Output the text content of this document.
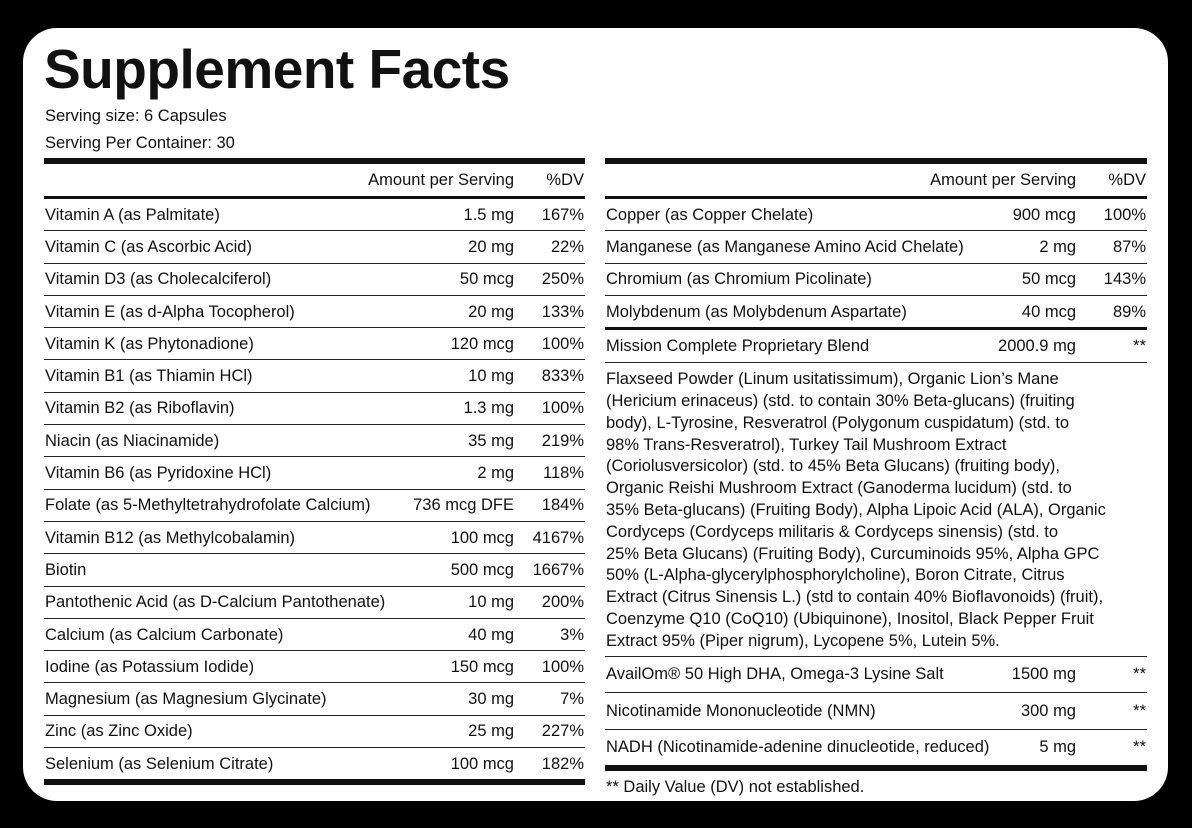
Supplement Facts
Serving size: 6 Capsules
Serving Per Container: 30
Amount per Serving %DV
Vitamin A (as Palmitate)	1.5 mg 167%
Vitamin C (as Ascorbic Acid)	20 mg 22%
Vitamin D3 (as Cholecalciferol)	50 mcg 250%
Vitamin E (as d-Alpha Tocopherol)	20 mg 133%
Vitamin K (as Phytonadione)	120 mcg 100%
Vitamin B1 (as Thiamin HCl)	10 mg 833%
Vitamin B2 (as Riboflavin)	1.3 mg 100%
Niacin (as Niacinamide)	35 mg 219%
Vitamin B6 (as Pyridoxine HCl)	2 mg 118%
Folate (as 5-Methyltetrahydrofolate Calcium)	736 mcg DFE 184%
Vitamin B12 (as Methylcobalamin)	100 mcg 4167%
Biotin	500 mcg 1667%
Pantothenic Acid (as D-Calcium Pantothenate)	10 mg 200%
Calcium (as Calcium Carbonate)	40 mg	3%
Iodine (as Potassium Iodide)	150 mcg 100%
Magnesium (as Magnesium Glycinate)	30 mg	7%
Zinc (as Zinc Oxide)	25 mg 227%
Selenium (as Selenium Citrate)	100 mcg 182%
Amount per Serving %DV
Copper (as Copper Chelate)	900 mcg 100%
Manganese (as Manganese Amino Acid Chelate)	2 mg 87%
Chromium (as Chromium Picolinate)	50 mcg 143%
Molybdenum (as Molybdenum Aspartate)	40 mcg 89%
Mission Complete Proprietary Blend	2000.9 mg	**
Flaxseed Powder (Linum usitatissimum), Organic Lion’s Mane
(Hericium erinaceus) (std. to contain 30% Beta-glucans) (fruiting
body), L-Tyrosine, Resveratrol (Polygonum cuspidatum) (std. to
98% Trans-Resveratrol), Turkey Tail Mushroom Extract
(Coriolusversicolor) (std. to 45% Beta Glucans) (fruiting body),
Organic Reishi Mushroom Extract (Ganoderma lucidum) (std. to
35% Beta-glucans) (Fruiting Body), Alpha Lipoic Acid (ALA), Organic
Cordyceps (Cordyceps militaris & Cordyceps sinensis) (std. to
25% Beta Glucans) (Fruiting Body), Curcuminoids 95%, Alpha GPC
50% (L-Alpha-glycerylphosphorylcholine), Boron Citrate, Citrus
Extract (Citrus Sinensis L.) (std to contain 40% Bioflavonoids) (fruit),
Coenzyme Q10 (CoQ10) (Ubiquinone), Inositol, Black Pepper Fruit
Extract 95% (Piper nigrum), Lycopene 5%, Lutein 5%.
AvailOm® 50 High DHA, Omega-3 Lysine Salt	1500 mg	**
Nicotinamide Mononucleotide (NMN)	300 mg	**
NADH (Nicotinamide-adenine dinucleotide, reduced)	5 mg	**
** Daily Value (DV) not established.
